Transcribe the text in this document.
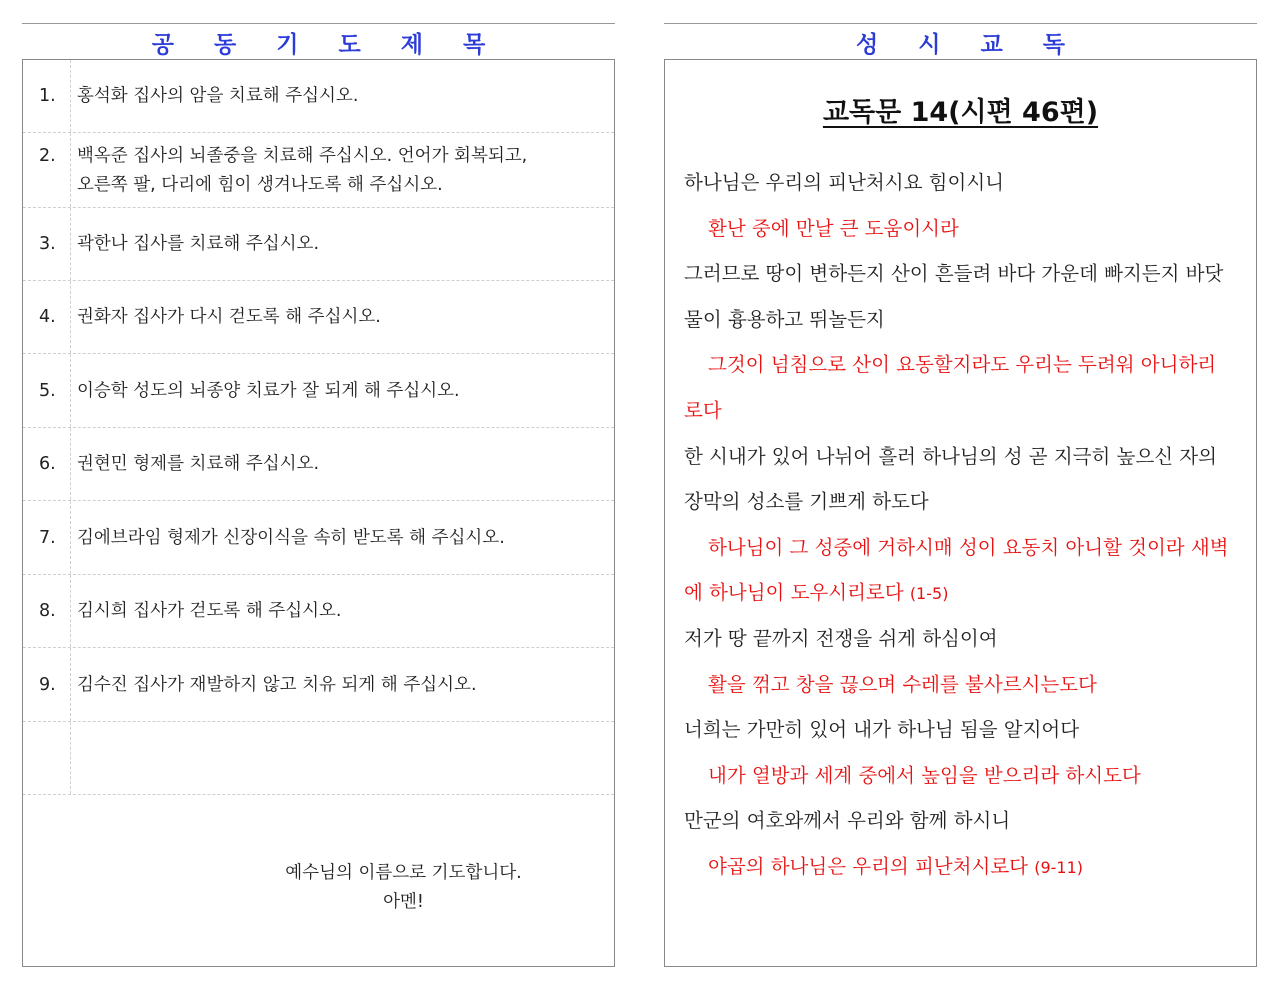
공     동     기     도     제     목	성     시     교     독
1. 홍석화 집사의 암을 치료해 주십시오.
2. 백옥준 집사의 뇌졸중을 치료해 주십시오. 언어가 회복되고,
오른쪽 팔, 다리에 힘이 생겨나도록 해 주십시오.
3. 곽한나 집사를 치료해 주십시오.
4. 권화자 집사가 다시 걷도록 해 주십시오.
5. 이승학 성도의 뇌종양 치료가 잘 되게 해 주십시오.
6. 권현민 형제를 치료해 주십시오.
7. 김에브라임 형제가 신장이식을 속히 받도록 해 주십시오.
8. 김시희 집사가 걷도록 해 주십시오.
9. 김수진 집사가 재발하지 않고 치유 되게 해 주십시오.
예수님의 이름으로 기도합니다.
아멘!
교독문 14(시편 46편)
하나님은 우리의 피난처시요 힘이시니
환난 중에 만날 큰 도움이시라
그러므로 땅이 변하든지 산이 흔들려 바다 가운데 빠지든지 바닷
물이 흉용하고 뛰놀든지
그것이 넘침으로 산이 요동할지라도 우리는 두려워 아니하리
로다
한 시내가 있어 나뉘어 흘러 하나님의 성 곧 지극히 높으신 자의
장막의 성소를 기쁘게 하도다
하나님이 그 성중에 거하시매 성이 요동치 아니할 것이라 새벽
에 하나님이 도우시리로다 (1-5)
저가 땅 끝까지 전쟁을 쉬게 하심이여
활을 꺾고 창을 끊으며 수레를 불사르시는도다
너희는 가만히 있어 내가 하나님 됨을 알지어다
내가 열방과 세계 중에서 높임을 받으리라 하시도다
만군의 여호와께서 우리와 함께 하시니
야곱의 하나님은 우리의 피난처시로다 (9-11)
